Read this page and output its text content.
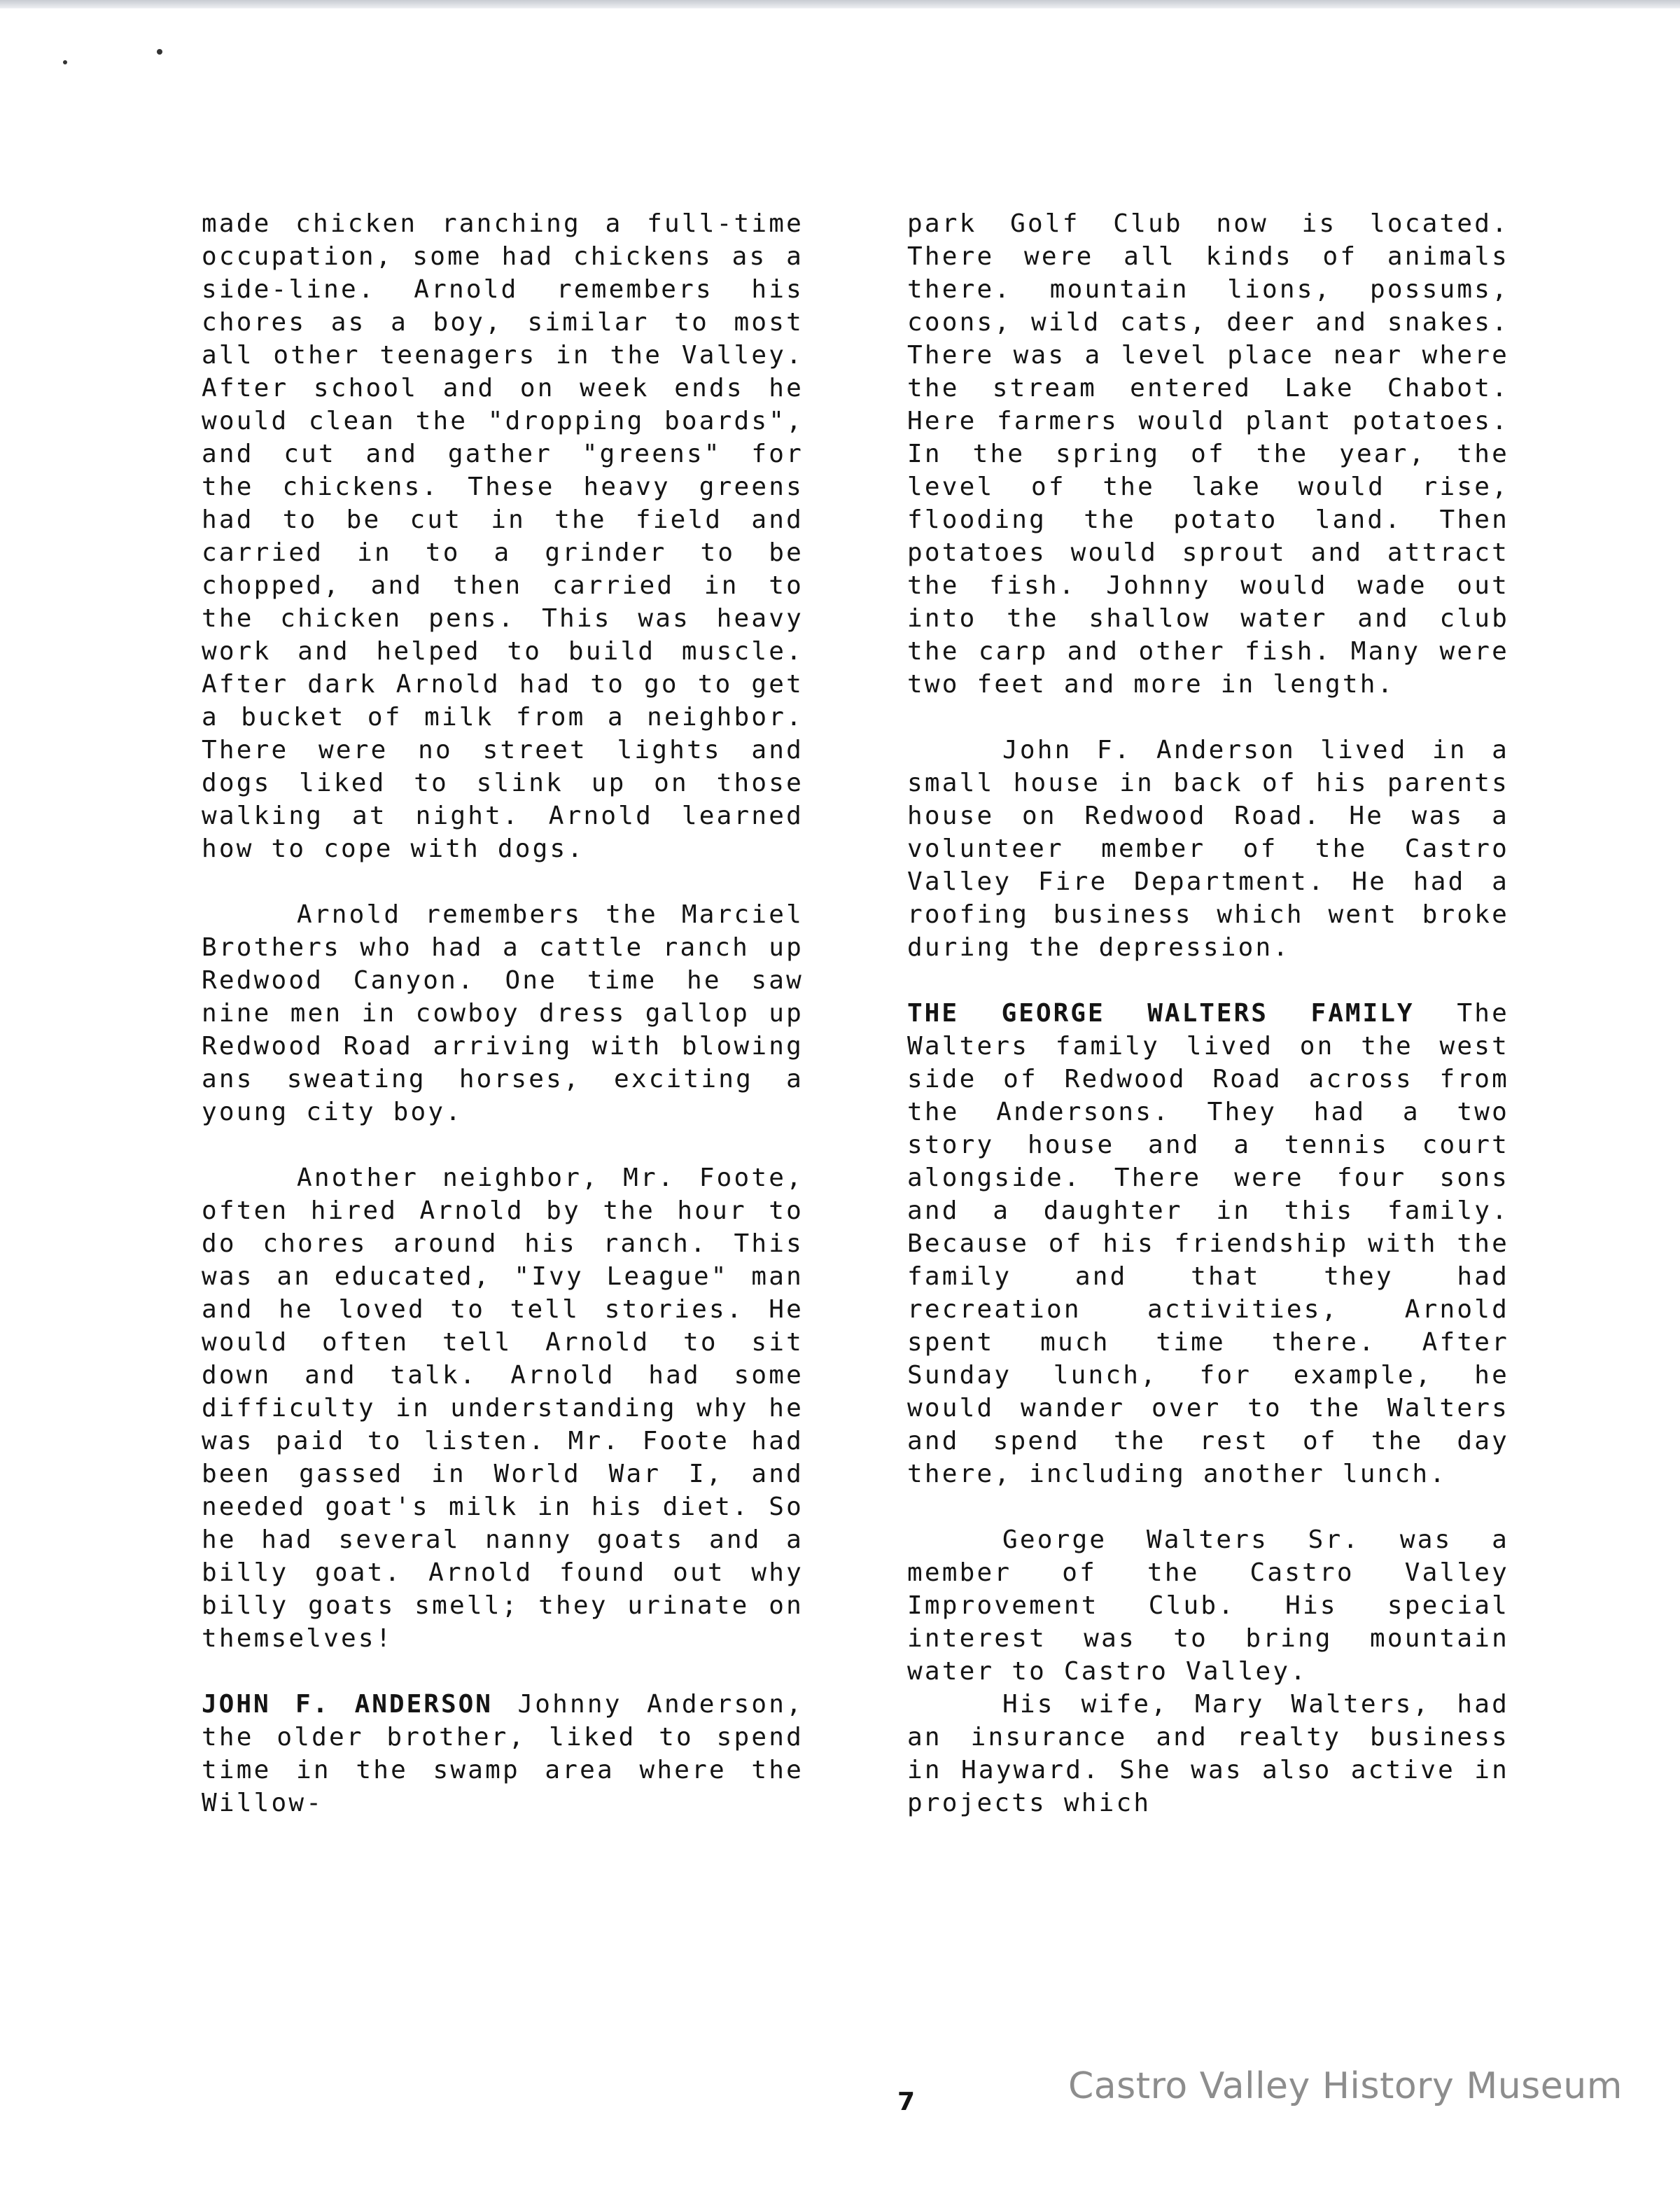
made chicken ranching a full-time occupation, some had chickens as a side-line. Arnold remembers his chores as a boy, similar to most all other teenagers in the Valley. After school and on week ends he would clean the "dropping boards", and cut and gather "greens" for the chickens. These heavy greens had to be cut in the field and carried in to a grinder to be chopped, and then carried in to the chicken pens. This was heavy work and helped to build muscle. After dark Arnold had to go to get a bucket of milk from a neighbor. There were no street lights and dogs liked to slink up on those walking at night. Arnold learned how to cope with dogs.

Arnold remembers the Marciel Brothers who had a cattle ranch up Redwood Canyon. One time he saw nine men in cowboy dress gallop up Redwood Road arriving with blowing ans sweating horses, exciting a young city boy.

Another neighbor, Mr. Foote, often hired Arnold by the hour to do chores around his ranch. This was an educated, "Ivy League" man and he loved to tell stories. He would often tell Arnold to sit down and talk. Arnold had some difficulty in understanding why he was paid to listen. Mr. Foote had been gassed in World War I, and needed goat's milk in his diet. So he had several nanny goats and a billy goat. Arnold found out why billy goats smell; they urinate on themselves!

JOHN F. ANDERSON Johnny Anderson, the older brother, liked to spend time in the swamp area where the Willow-

park Golf Club now is located. There were all kinds of animals there. mountain lions, possums, coons, wild cats, deer and snakes. There was a level place near where the stream entered Lake Chabot. Here farmers would plant potatoes. In the spring of the year, the level of the lake would rise, flooding the potato land. Then potatoes would sprout and attract the fish. Johnny would wade out into the shallow water and club the carp and other fish. Many were two feet and more in length.

John F. Anderson lived in a small house in back of his parents house on Redwood Road. He was a volunteer member of the Castro Valley Fire Department. He had a roofing business which went broke during the depression.

THE GEORGE WALTERS FAMILY The Walters family lived on the west side of Redwood Road across from the Andersons. They had a two story house and a tennis court alongside. There were four sons and a daughter in this family. Because of his friendship with the family and that they had recreation activities, Arnold spent much time there. After Sunday lunch, for example, he would wander over to the Walters and spend the rest of the day there, including another lunch.

George Walters Sr. was a member of the Castro Valley Improvement Club. His special interest was to bring mountain water to Castro Valley.

His wife, Mary Walters, had an insurance and realty business in Hayward. She was also active in projects which

7	Castro Valley History Museum
